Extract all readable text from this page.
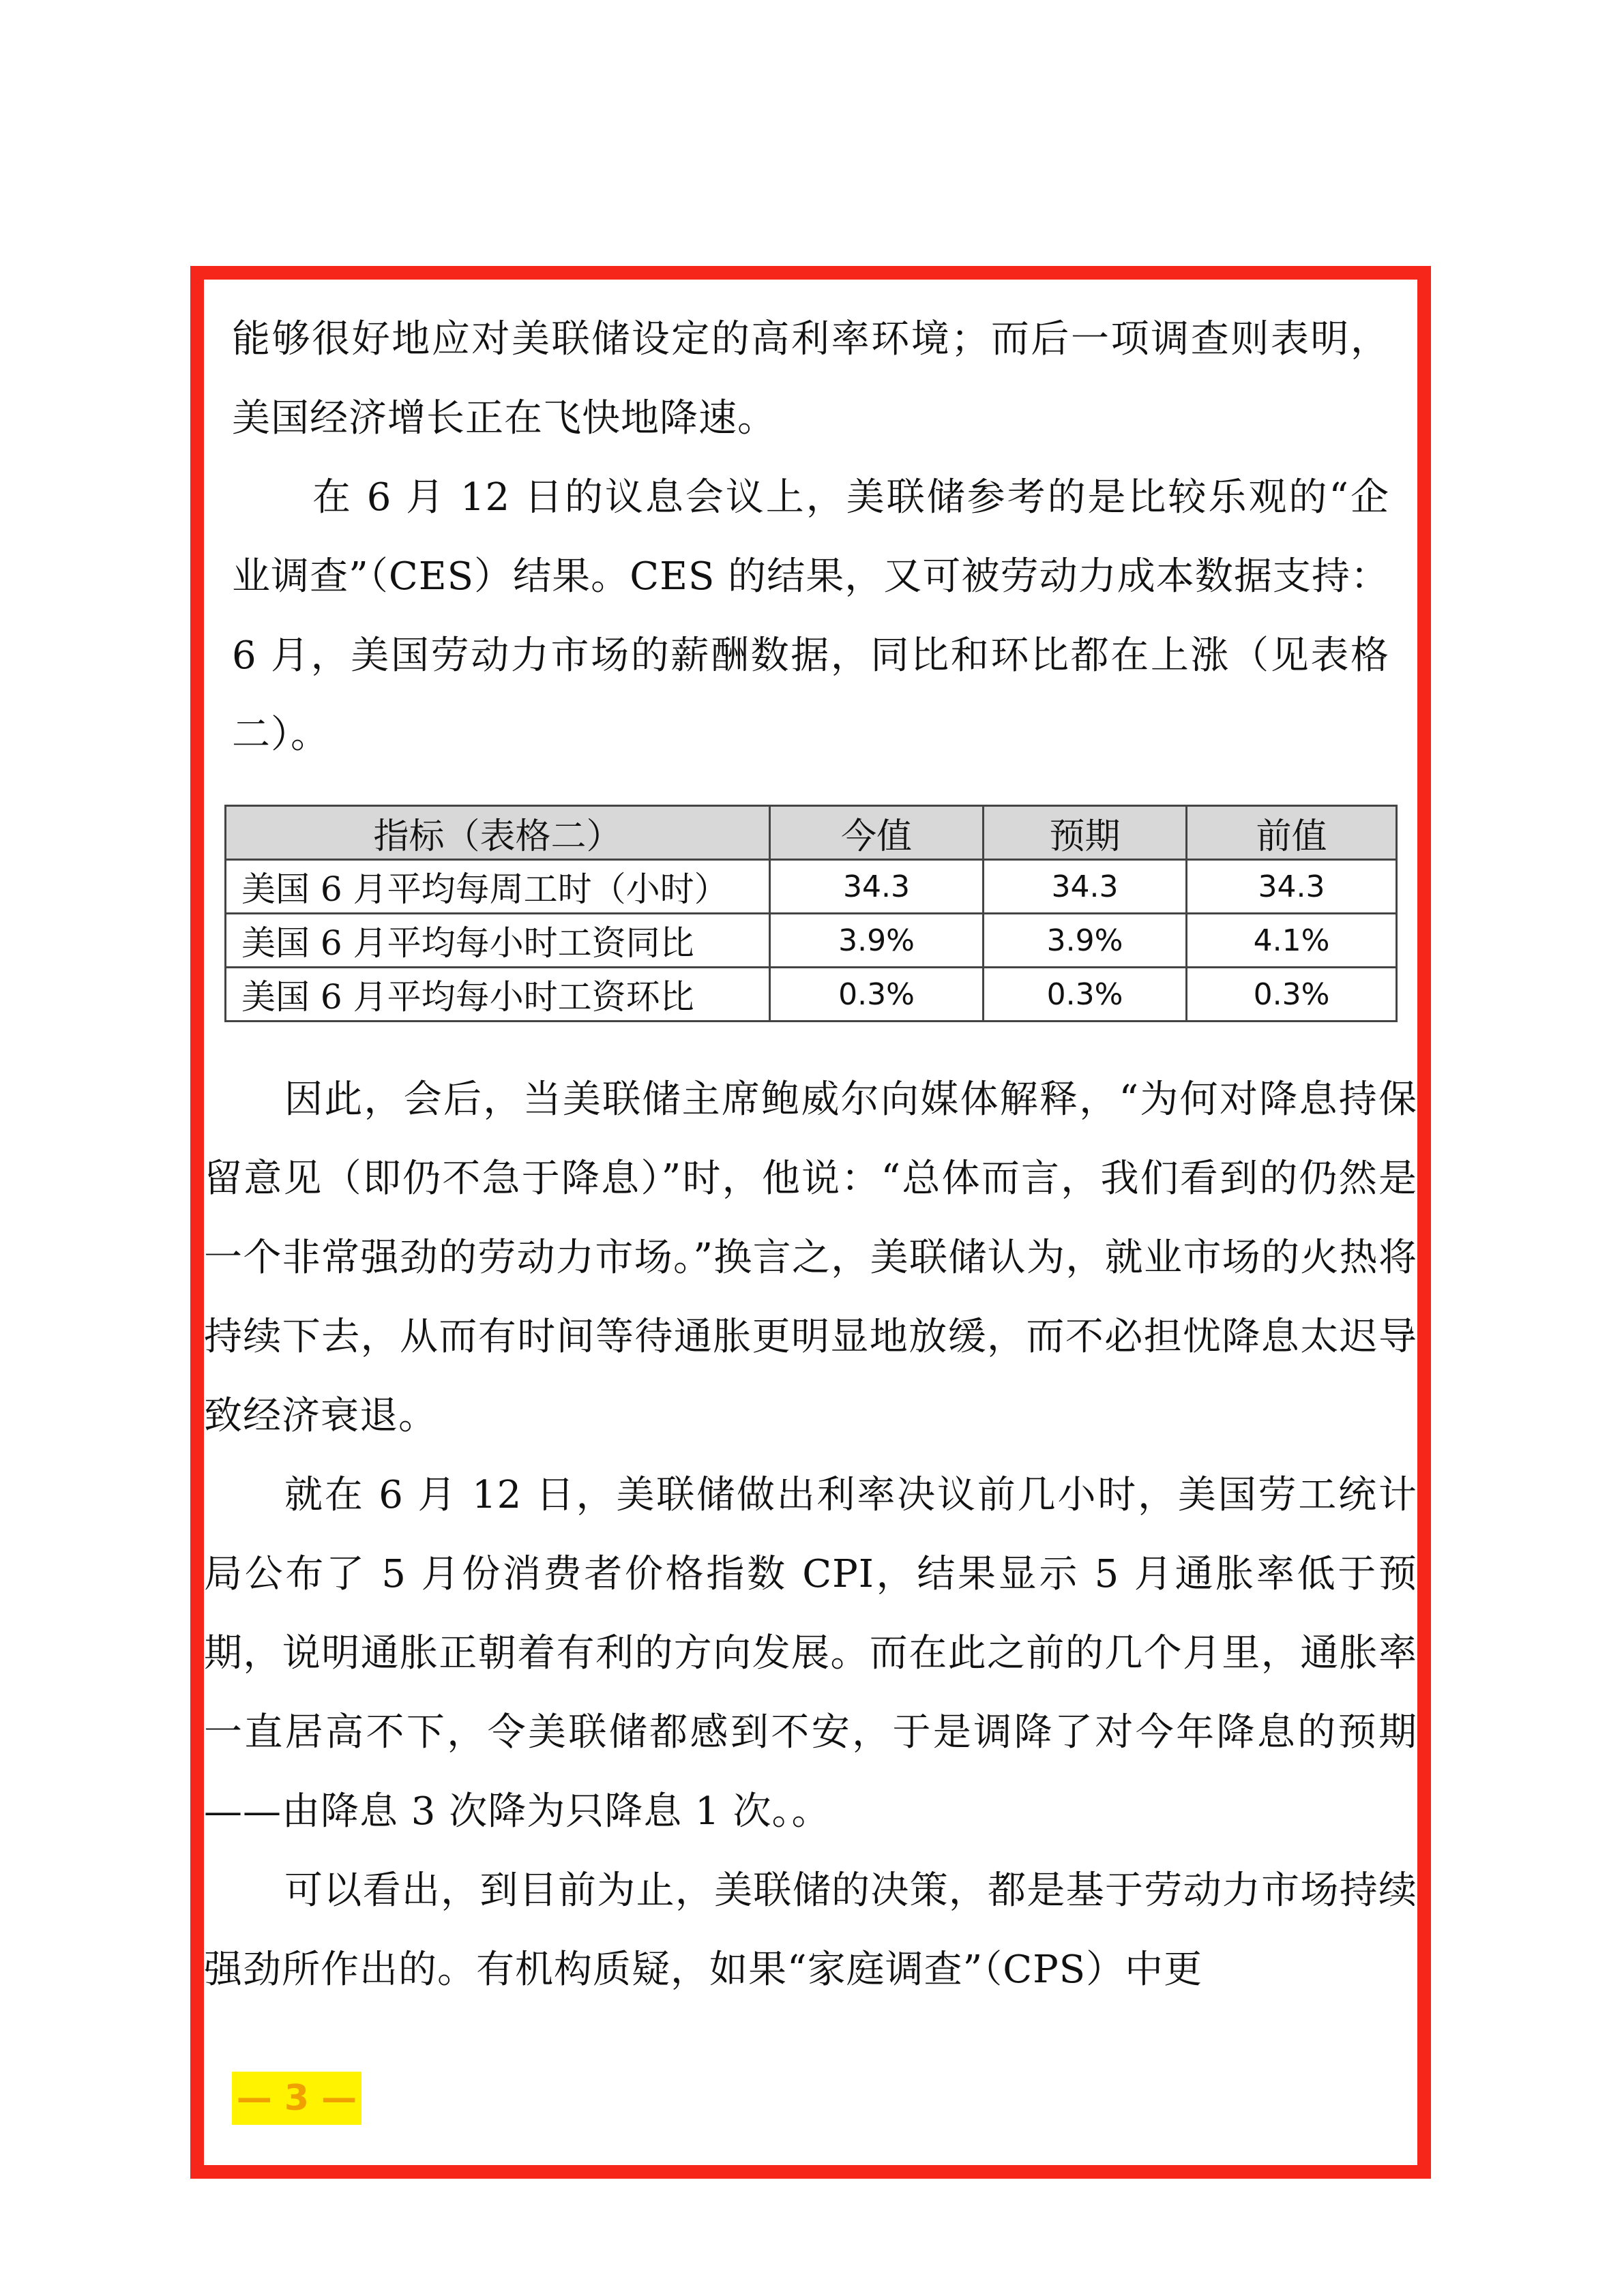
能够很好地应对美联储设定的高利率环境；而后一项调查则表明，美国经济增长正在飞快地降速。

在 6 月 12 日的议息会议上，美联储参考的是比较乐观的“企业调查”（CES）结果。CES 的结果，又可被劳动力成本数据支持：6 月，美国劳动力市场的薪酬数据，同比和环比都在上涨（见表格二）。

指标（表格二）	今值	预期	前值
美国 6 月平均每周工时（小时）	34.3	34.3	34.3
美国 6 月平均每小时工资同比	3.9%	3.9%	4.1%
美国 6 月平均每小时工资环比	0.3%	0.3%	0.3%

因此，会后，当美联储主席鲍威尔向媒体解释，“为何对降息持保留意见（即仍不急于降息）”时，他说：“总体而言，我们看到的仍然是一个非常强劲的劳动力市场。”换言之，美联储认为，就业市场的火热将持续下去，从而有时间等待通胀更明显地放缓，而不必担忧降息太迟导致经济衰退。

就在 6 月 12 日，美联储做出利率决议前几小时，美国劳工统计局公布了 5 月份消费者价格指数 CPI，结果显示 5 月通胀率低于预期，说明通胀正朝着有利的方向发展。而在此之前的几个月里，通胀率一直居高不下，令美联储都感到不安，于是调降了对今年降息的预期——由降息 3 次降为只降息 1 次。。

可以看出，到目前为止，美联储的决策，都是基于劳动力市场持续强劲所作出的。有机构质疑，如果“家庭调查”（CPS）中更

— 3 —
